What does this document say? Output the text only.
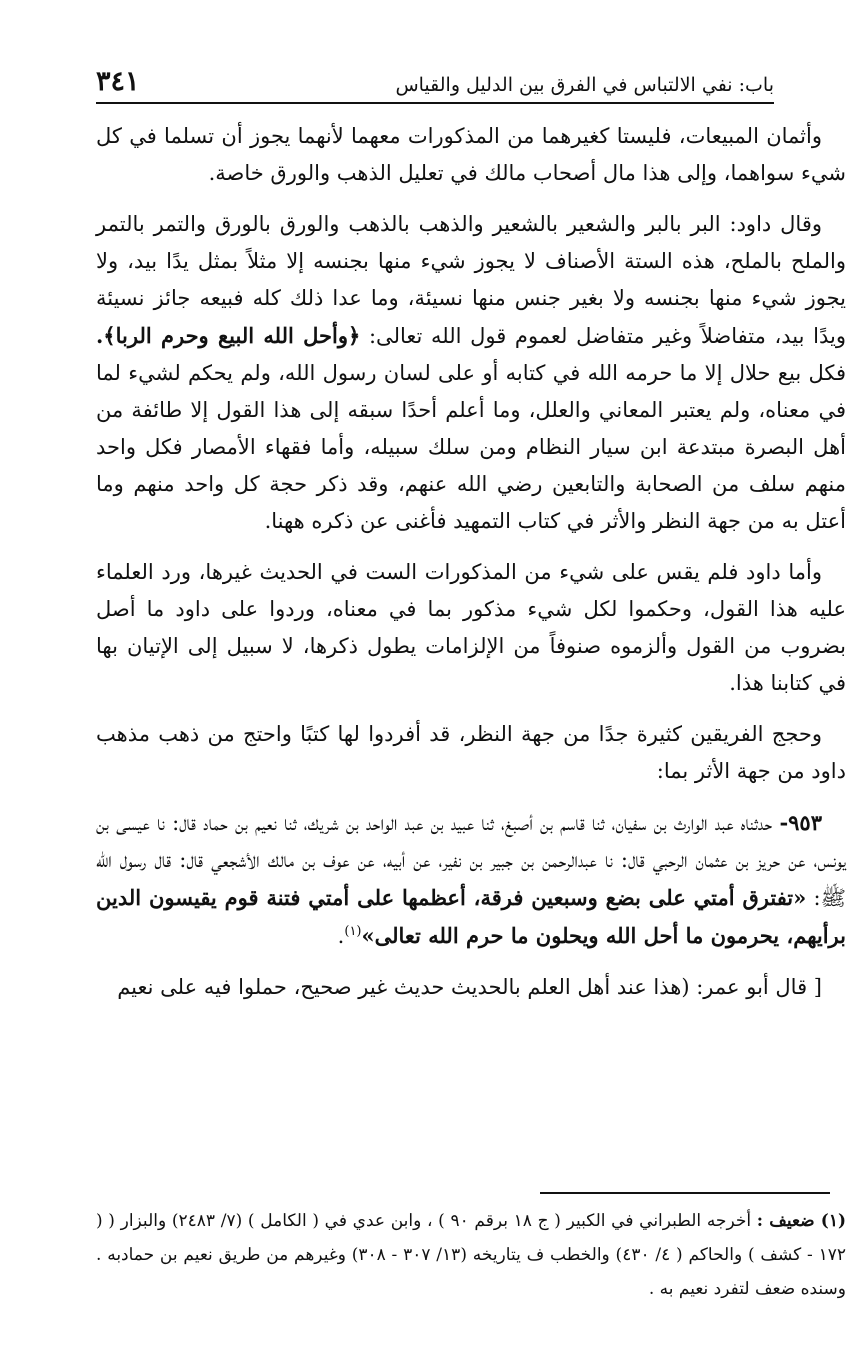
باب: نفي الالتباس في الفرق بين الدليل والقياس
٣٤١

وأثمان المبيعات، فليستا كغيرهما من المذكورات معهما لأنهما يجوز أن تسلما في كل شيء سواهما، وإلى هذا مال أصحاب مالك في تعليل الذهب والورق خاصة.

وقال داود: البر بالبر والشعير بالشعير والذهب بالذهب والورق بالورق والتمر بالتمر والملح بالملح، هذه الستة الأصناف لا يجوز شيء منها بجنسه إلا مثلاً بمثل يدًا بيد، ولا يجوز شيء منها بجنسه ولا بغير جنس منها نسيئة، وما عدا ذلك كله فبيعه جائز نسيئة ويدًا بيد، متفاضلاً وغير متفاضل لعموم قول الله تعالى: ﴿وأحل الله البيع وحرم الربا﴾. فكل بيع حلال إلا ما حرمه الله في كتابه أو على لسان رسول الله، ولم يحكم لشيء لما في معناه، ولم يعتبر المعاني والعلل، وما أعلم أحدًا سبقه إلى هذا القول إلا طائفة من أهل البصرة مبتدعة ابن سيار النظام ومن سلك سبيله، وأما فقهاء الأمصار فكل واحد منهم سلف من الصحابة والتابعين رضي الله عنهم، وقد ذكر حجة كل واحد منهم وما أعتل به من جهة النظر والأثر في كتاب التمهيد فأغنى عن ذكره ههنا.

وأما داود فلم يقس على شيء من المذكورات الست في الحديث غيرها، ورد العلماء عليه هذا القول، وحكموا لكل شيء مذكور بما في معناه، وردوا على داود ما أصل بضروب من القول وألزموه صنوفاً من الإلزامات يطول ذكرها، لا سبيل إلى الإتيان بها في كتابنا هذا.

وحجج الفريقين كثيرة جدًا من جهة النظر، قد أفردوا لها كتبًا واحتج من ذهب مذهب داود من جهة الأثر بما:

٩٥٣- حدثناه عبد الوارث بن سفيان، ثنا قاسم بن أصبغ، ثنا عبيد بن عبد الواحد بن شريك، ثنا نعيم بن حماد قال: نا عيسى بن يونس، عن حريز بن عثمان الرحبي قال: نا عبدالرحمن بن جبير بن نفير، عن أبيه، عن عوف بن مالك الأشجعي قال: قال رسول الله ﷺ: «تفترق أمتي على بضع وسبعين فرقة، أعظمها على أمتي فتنة قوم يقيسون الدين برأيهم، يحرمون ما أحل الله ويحلون ما حرم الله تعالى»$^{(١)}$.

[ قال أبو عمر: (هذا عند أهل العلم بالحديث حديث غير صحيح، حملوا فيه على نعيم

(١) ضعيف : أخرجه الطبراني في الكبير ( ج ١٨ برقم ٩٠ ) ، وابن عدي في ( الكامل ) (٧/ ٢٤٨٣) والبزار ( ( ١٧٢ - كشف ) والحاكم ( ٤/ ٤٣٠) والخطب ف يتاريخه (١٣/ ٣٠٧ - ٣٠٨) وغيرهم من طريق نعيم بن حمادبه . وسنده ضعف لتفرد نعيم به .
